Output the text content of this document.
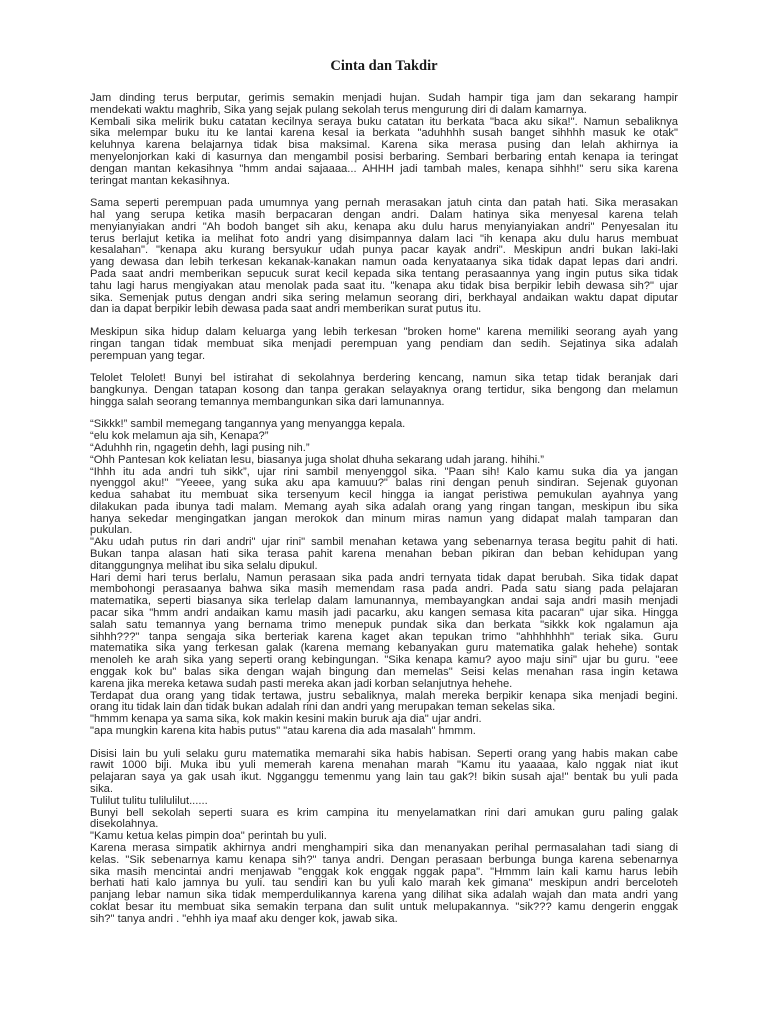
Cinta dan Takdir
Jam dinding terus berputar, gerimis semakin menjadi hujan. Sudah hampir tiga jam dan sekarang hampir
mendekati waktu maghrib, Sika yang sejak pulang sekolah terus mengurung diri di dalam kamarnya.
Kembali sika melirik buku catatan kecilnya seraya buku catatan itu berkata "baca aku sika!". Namun sebaliknya
sika melempar buku itu ke lantai karena kesal ia berkata "aduhhhh susah banget sihhhh masuk ke otak"
keluhnya karena belajarnya tidak bisa maksimal. Karena sika merasa pusing dan lelah akhirnya ia
menyelonjorkan kaki di kasurnya dan mengambil posisi berbaring. Sembari berbaring entah kenapa ia teringat
dengan mantan kekasihnya "hmm andai sajaaaa... AHHH jadi tambah males, kenapa sihhh!" seru sika karena
teringat mantan kekasihnya.
Sama seperti perempuan pada umumnya yang pernah merasakan jatuh cinta dan patah hati. Sika merasakan
hal yang serupa ketika masih berpacaran dengan andri. Dalam hatinya sika menyesal karena telah
menyianyiakan andri "Ah bodoh banget sih aku, kenapa aku dulu harus menyianyiakan andri" Penyesalan itu
terus berlajut ketika ia melihat foto andri yang disimpannya dalam laci "ih kenapa aku dulu harus membuat
kesalahan". "kenapa aku kurang bersyukur udah punya pacar kayak andri". Meskipun andri bukan laki-laki
yang dewasa dan lebih terkesan kekanak-kanakan namun oada kenyataanya sika tidak dapat lepas dari andri.
Pada saat andri memberikan sepucuk surat kecil kepada sika tentang perasaannya yang ingin putus sika tidak
tahu lagi harus mengiyakan atau menolak pada saat itu. "kenapa aku tidak bisa berpikir lebih dewasa sih?" ujar
sika. Semenjak putus dengan andri sika sering melamun seorang diri, berkhayal andaikan waktu dapat diputar
dan ia dapat berpikir lebih dewasa pada saat andri memberikan surat putus itu.
Meskipun sika hidup dalam keluarga yang lebih terkesan "broken home" karena memiliki seorang ayah yang
ringan tangan tidak membuat sika menjadi perempuan yang pendiam dan sedih. Sejatinya sika adalah
perempuan yang tegar.
Telolet Telolet! Bunyi bel istirahat di sekolahnya berdering kencang, namun sika tetap tidak beranjak dari
bangkunya. Dengan tatapan kosong dan tanpa gerakan selayaknya orang tertidur, sika bengong dan melamun
hingga salah seorang temannya membangunkan sika dari lamunannya.
“Sikkk!” sambil memegang tangannya yang menyangga kepala.
“elu kok melamun aja sih, Kenapa?”
“Aduhhh rin, ngagetin dehh, lagi pusing nih.”
“Ohh Pantesan kok keliatan lesu, biasanya juga sholat dhuha sekarang udah jarang. hihihi.”
“Ihhh itu ada andri tuh sikk”, ujar rini sambil menyenggol sika. "Paan sih! Kalo kamu suka dia ya jangan
nyenggol aku!" "Yeeee, yang suka aku apa kamuuu?" balas rini dengan penuh sindiran. Sejenak guyonan
kedua sahabat itu membuat sika tersenyum kecil hingga ia iangat peristiwa pemukulan ayahnya yang
dilakukan pada ibunya tadi malam. Memang ayah sika adalah orang yang ringan tangan, meskipun ibu sika
hanya sekedar mengingatkan jangan merokok dan minum miras namun yang didapat malah tamparan dan
pukulan.
"Aku udah putus rin dari andri" ujar rini" sambil menahan ketawa yang sebenarnya terasa begitu pahit di hati.
Bukan tanpa alasan hati sika terasa pahit karena menahan beban pikiran dan beban kehidupan yang
ditanggungnya melihat ibu sika selalu dipukul.
Hari demi hari terus berlalu, Namun perasaan sika pada andri ternyata tidak dapat berubah. Sika tidak dapat
membohongi perasaanya bahwa sika masih memendam rasa pada andri. Pada satu siang pada pelajaran
matematika, seperti biasanya sika terlelap dalam lamunannya, membayangkan andai saja andri masih menjadi
pacar sika "hmm andri andaikan kamu masih jadi pacarku, aku kangen semasa kita pacaran" ujar sika. Hingga
salah satu temannya yang bernama trimo menepuk pundak sika dan berkata "sikkk kok ngalamun aja
sihhh???" tanpa sengaja sika berteriak karena kaget akan tepukan trimo "ahhhhhhh" teriak sika. Guru
matematika sika yang terkesan galak (karena memang kebanyakan guru matematika galak hehehe) sontak
menoleh ke arah sika yang seperti orang kebingungan. "Sika kenapa kamu? ayoo maju sini" ujar bu guru. "eee
enggak kok bu" balas sika dengan wajah bingung dan memelas" Seisi kelas menahan rasa ingin ketawa
karena jika mereka ketawa sudah pasti mereka akan jadi korban selanjutnya hehehe.
Terdapat dua orang yang tidak tertawa, justru sebaliknya, malah mereka berpikir kenapa sika menjadi begini.
orang itu tidak lain dan tidak bukan adalah rini dan andri yang merupakan teman sekelas sika.
"hmmm kenapa ya sama sika, kok makin kesini makin buruk aja dia" ujar andri.
"apa mungkin karena kita habis putus" "atau karena dia ada masalah" hmmm.
Disisi lain bu yuli selaku guru matematika memarahi sika habis habisan. Seperti orang yang habis makan cabe
rawit 1000 biji. Muka ibu yuli memerah karena menahan marah "Kamu itu yaaaaa, kalo nggak niat ikut
pelajaran saya ya gak usah ikut. Ngganggu temenmu yang lain tau gak?! bikin susah aja!" bentak bu yuli pada
sika.
Tulilut tulitu tulilulilut......
Bunyi bell sekolah seperti suara es krim campina itu menyelamatkan rini dari amukan guru paling galak
disekolahnya.
"Kamu ketua kelas pimpin doa" perintah bu yuli.
Karena merasa simpatik akhirnya andri menghampiri sika dan menanyakan perihal permasalahan tadi siang di
kelas. "Sik sebenarnya kamu kenapa sih?" tanya andri. Dengan perasaan berbunga bunga karena sebenarnya
sika masih mencintai andri menjawab "enggak kok enggak nggak papa". "Hmmm lain kali kamu harus lebih
berhati hati kalo jamnya bu yuli. tau sendiri kan bu yuli kalo marah kek gimana" meskipun andri berceloteh
panjang lebar namun sika tidak memperdulikannya karena yang dilihat sika adalah wajah dan mata andri yang
coklat besar itu membuat sika semakin terpana dan sulit untuk melupakannya. "sik??? kamu dengerin enggak
sih?" tanya andri . "ehhh iya maaf aku denger kok, jawab sika.
